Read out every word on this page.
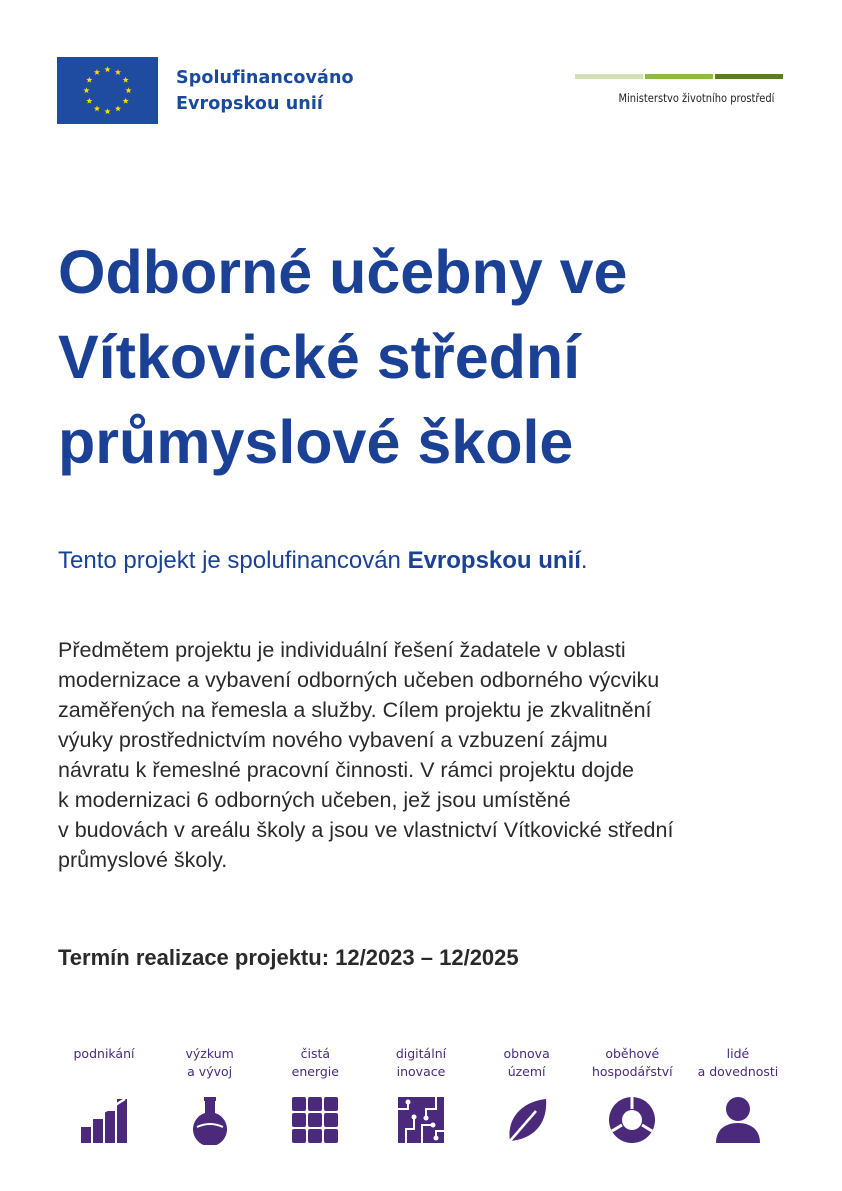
Spolufinancováno
Evropskou unií	Ministerstvo životního prostředí
Odborné učebny ve
Vítkovické střední
průmyslové škole

Tento projekt je spolufinancován Evropskou unií.

Předmětem projektu je individuální řešení žadatele v oblasti
modernizace a vybavení odborných učeben odborného výcviku
zaměřených na řemesla a služby. Cílem projektu je zkvalitnění
výuky prostřednictvím nového vybavení a vzbuzení zájmu
návratu k řemeslné pracovní činnosti. V rámci projektu dojde
k modernizaci 6 odborných učeben, jež jsou umístěné
v budovách v areálu školy a jsou ve vlastnictví Vítkovické střední
průmyslové školy.
Termín realizace projektu: 12/2023 – 12/2025
podnikání	výzkum
a vývoj
čistá
energie
digitální
inovace
obnova
území
oběhové
hospodářství
lidé
a dovednosti
